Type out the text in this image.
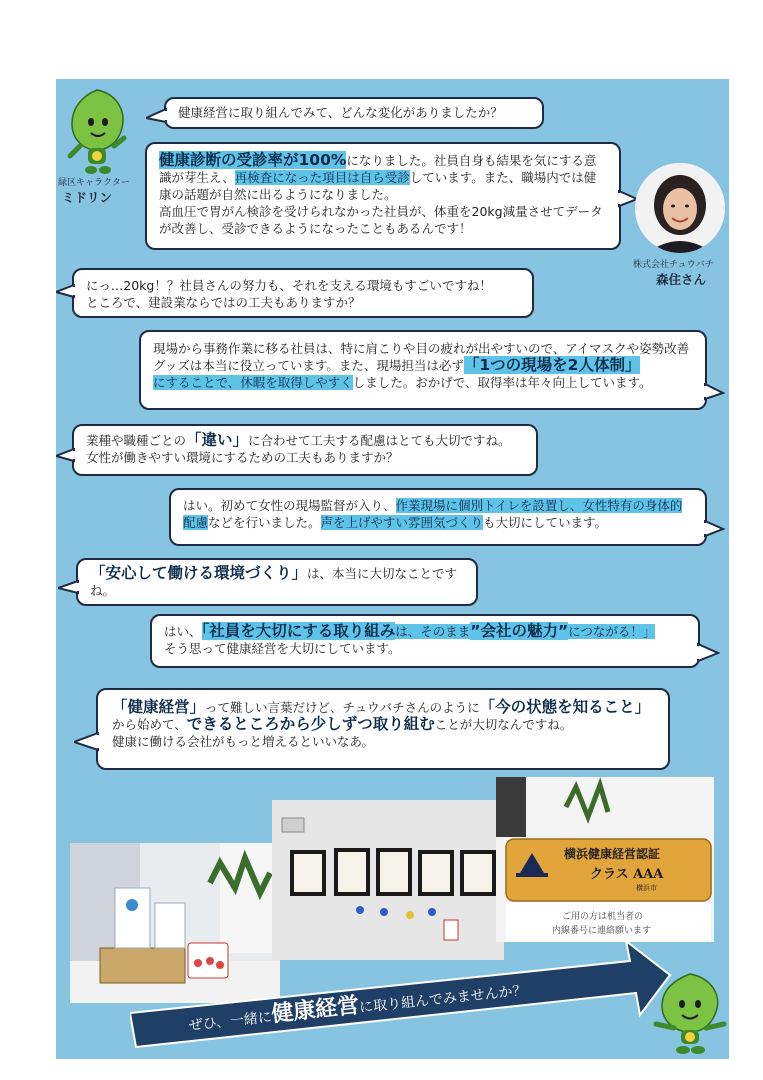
緑区キャラクター
ミドリン
健康経営に取り組んでみて、どんな変化がありましたか？
健康診断の受診率が100%になりました。社員自身も結果を気にする意識が芽生え、再検査になった項目は自ら受診しています。また、職場内では健康の話題が自然に出るようになりました。
高血圧で胃がん検診を受けられなかった社員が、体重を20kg減量させてデータが改善し、受診できるようになったこともあるんです！
株式会社チュウバチ
森住さん
にっ…20kg！？社員さんの努力も、それを支える環境もすごいですね！
ところで、建設業ならではの工夫もありますか？
現場から事務作業に移る社員は、特に肩こりや目の疲れが出やすいので、アイマスクや姿勢改善グッズは本当に役立っています。また、現場担当は必ず「1つの現場を2人体制」
にすることで、休暇を取得しやすくしました。おかげで、取得率は年々向上しています。
業種や職種ごとの「違い」に合わせて工夫する配慮はとても大切ですね。
女性が働きやすい環境にするための工夫もありますか？
はい。初めて女性の現場監督が入り、作業現場に個別トイレを設置し、女性特有の身体的配慮などを行いました。声を上げやすい雰囲気づくりも大切にしています。
「安心して働ける環境づくり」は、本当に大切なことですね。
はい、「社員を大切にする取り組みは、そのまま”会社の魅力”につながる！」
そう思って健康経営を大切にしています。
「健康経営」って難しい言葉だけど、チュウバチさんのように「今の状態を知ること」
から始めて、できるところから少しずつ取り組むことが大切なんですね。
健康に働ける会社がもっと増えるといいなあ。
横浜健康経営認証
クラス AAA
横浜市
ご用の方は机当者の
内線番号に連絡願います
ぜひ、一緒に健康経営に取り組んでみませんか？
